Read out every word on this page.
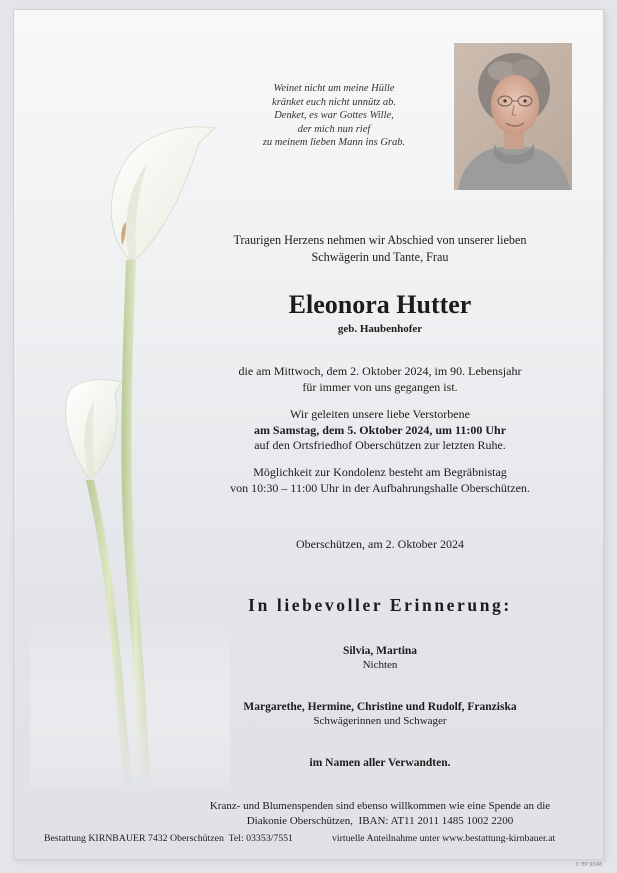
Weinet nicht um meine Hülle
kränket euch nicht unnütz ab.
Denket, es war Gottes Wille,
der mich nun rief
zu meinem lieben Mann ins Grab.
Traurigen Herzens nehmen wir Abschied von unserer lieben
Schwägerin und Tante, Frau
Eleonora Hutter
geb. Haubenhofer
die am Mittwoch, dem 2. Oktober 2024, im 90. Lebensjahr
für immer von uns gegangen ist.
Wir geleiten unsere liebe Verstorbene
am Samstag, dem 5. Oktober 2024, um 11:00 Uhr
auf den Ortsfriedhof Oberschützen zur letzten Ruhe.
Möglichkeit zur Kondolenz besteht am Begräbnistag
von 10:30 – 11:00 Uhr in der Aufbahrungshalle Oberschützen.
Oberschützen, am 2. Oktober 2024
In liebevoller Erinnerung:
Silvia, Martina
Nichten
Margarethe, Hermine, Christine und Rudolf, Franziska
Schwägerinnen und Schwager
im Namen aller Verwandten.
Kranz- und Blumenspenden sind ebenso willkommen wie eine Spende an die
Diakonie Oberschützen,  IBAN: AT11 2011 1485 1002 2200
Bestattung KIRNBAUER 7432 Oberschützen  Tel: 03353/7551	virtuelle Anteilnahme unter www.bestattung-kirnbauer.at
© EP 9348
